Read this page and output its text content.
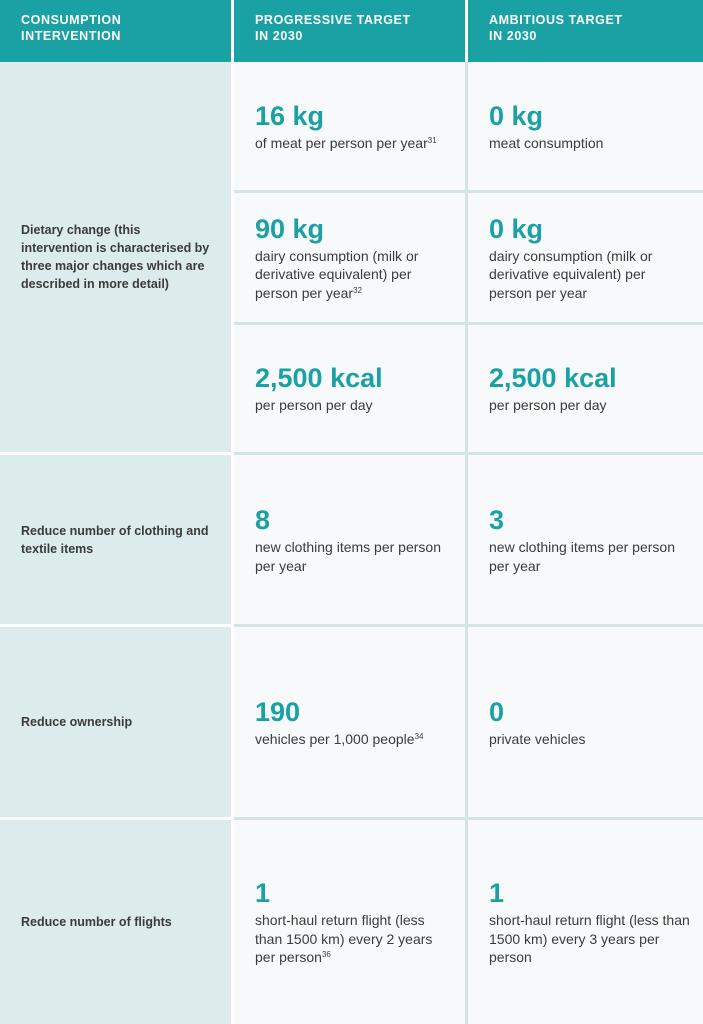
CONSUMPTION
INTERVENTION
PROGRESSIVE TARGET
IN 2030
AMBITIOUS TARGET
IN 2030
Dietary change (this intervention is characterised by three major changes which are described in more detail)
16 kg
of meat per person per year$^{31}$
0 kg
meat consumption
90 kg
dairy consumption (milk or derivative equivalent) per person per year$^{32}$
0 kg
dairy consumption (milk or derivative equivalent) per person per year
2,500 kcal
per person per day
2,500 kcal
per person per day
Reduce number of clothing and textile items
8
new clothing items per person per year
3
new clothing items per person per year
Reduce ownership	190
vehicles per 1,000 people$^{34}$
0
private vehicles
Reduce number of flights
1
short-haul return flight (less than 1500 km) every 2 years per person$^{36}$
1
short-haul return flight (less than 1500 km) every 3 years per person
